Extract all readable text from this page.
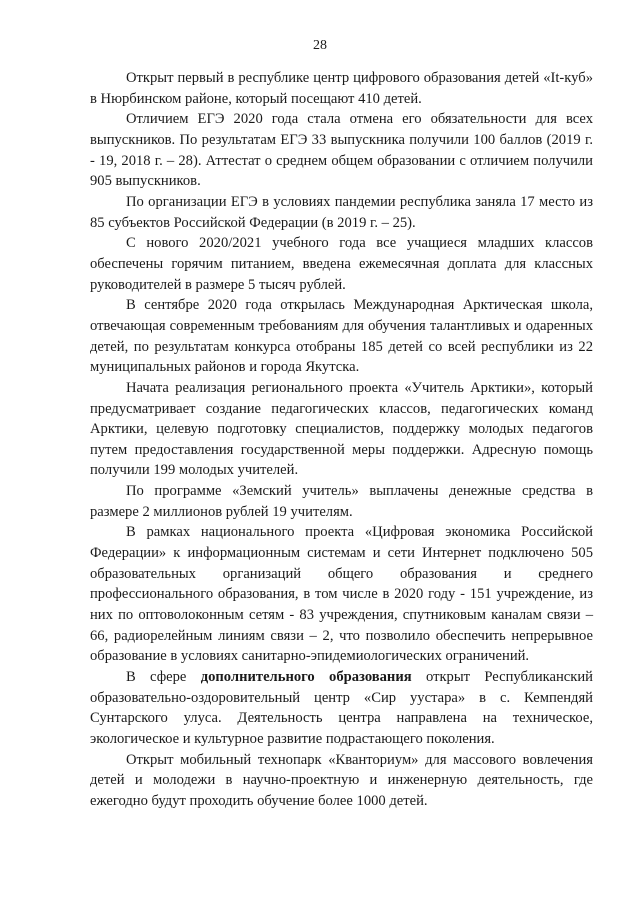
28

Открыт первый в республике центр цифрового образования детей «It-куб» в Нюрбинском районе, который посещают 410 детей.

Отличием ЕГЭ 2020 года стала отмена его обязательности для всех выпускников. По результатам ЕГЭ 33 выпускника получили 100 баллов (2019 г. - 19, 2018 г. – 28). Аттестат о среднем общем образовании с отличием получили 905 выпускников.

По организации ЕГЭ в условиях пандемии республика заняла 17 место из 85 субъектов Российской Федерации (в 2019 г. – 25).

С нового 2020/2021 учебного года все учащиеся младших классов обеспечены горячим питанием, введена ежемесячная доплата для классных руководителей в размере 5 тысяч рублей.

В сентябре 2020 года открылась Международная Арктическая школа, отвечающая современным требованиям для обучения талантливых и одаренных детей, по результатам конкурса отобраны 185 детей со всей республики из 22 муниципальных районов и города Якутска.

Начата реализация регионального проекта «Учитель Арктики», который предусматривает создание педагогических классов, педагогических команд Арктики, целевую подготовку специалистов, поддержку молодых педагогов путем предоставления государственной меры поддержки. Адресную помощь получили 199 молодых учителей.

По программе «Земский учитель» выплачены денежные средства в размере 2 миллионов рублей 19 учителям.

В рамках национального проекта «Цифровая экономика Российской Федерации» к информационным системам и сети Интернет подключено 505 образовательных организаций общего образования и среднего профессионального образования, в том числе в 2020 году - 151 учреждение, из них по оптоволоконным сетям - 83 учреждения, спутниковым каналам связи – 66, радиорелейным линиям связи – 2, что позволило обеспечить непрерывное образование в условиях санитарно-эпидемиологических ограничений.

В сфере дополнительного образования открыт Республиканский образовательно-оздоровительный центр «Сир уустара» в с. Кемпендяй Сунтарского улуса. Деятельность центра направлена на техническое, экологическое и культурное развитие подрастающего поколения.

Открыт мобильный технопарк «Кванториум» для массового вовлечения детей и молодежи в научно-проектную и инженерную деятельность, где ежегодно будут проходить обучение более 1000 детей.
